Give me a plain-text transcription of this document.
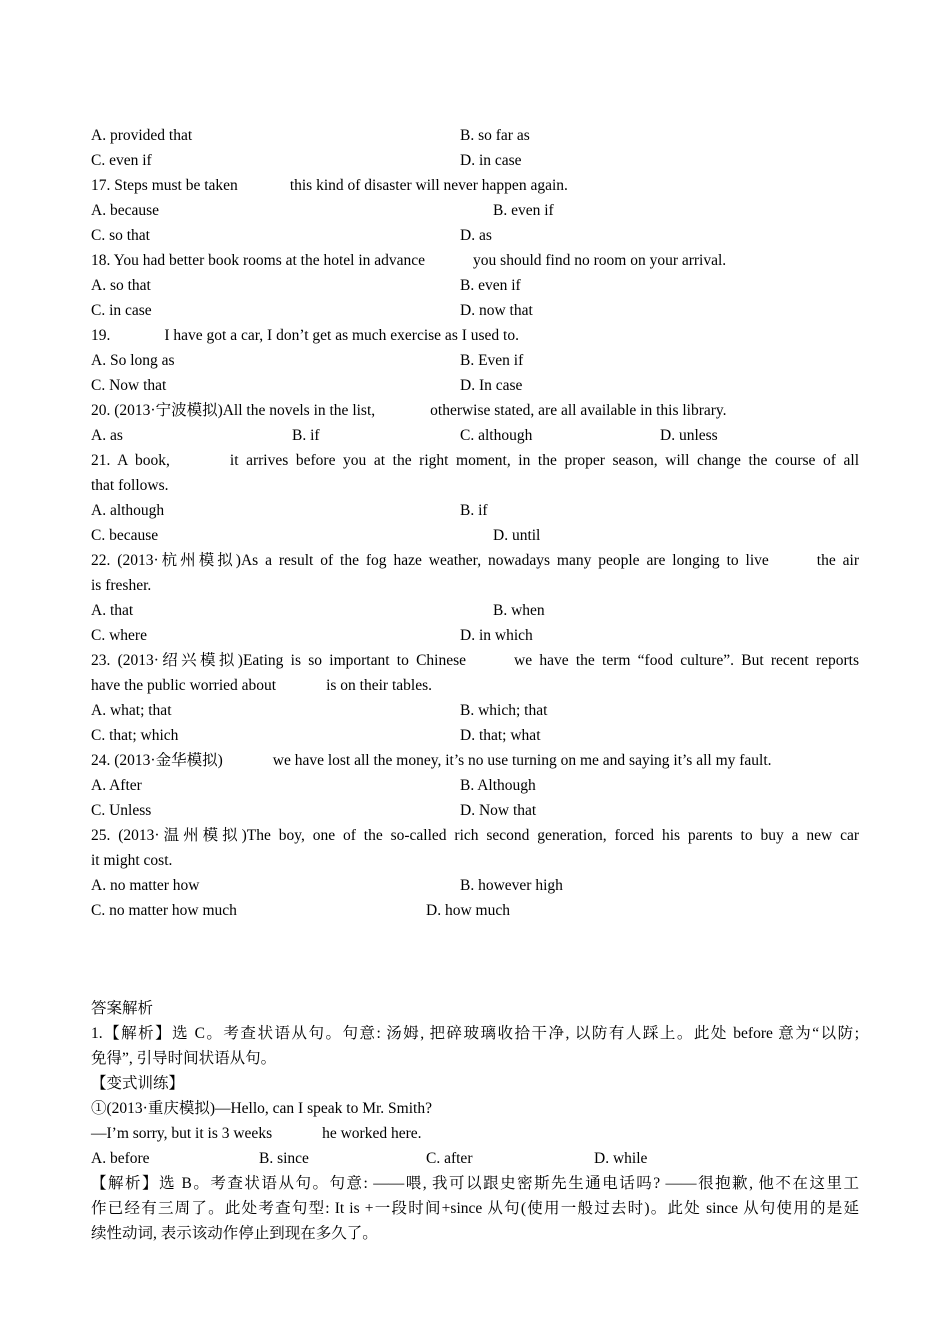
A. provided that	B. so far as
C. even if	D. in case
17. Steps must be taken	this kind of disaster will never happen again.
A. because	B. even if
C. so that	D. as
18. You had better book rooms at the hotel in advance	you should find no room on your arrival.
A. so that	B. even if
C. in case	D. now that
19.	I have got a car, I don’t get as much exercise as I used to.
A. So long as	B. Even if
C. Now that	D. In case
20. (2013·宁波模拟)All the novels in the list,	otherwise stated, are all available in this library.
A. as	B. if	C. although	D. unless
21. A book,	it arrives before you at the right moment, in the proper season, will change the course of all
that follows.
A. although	B. if
C. because	D. until
22. (2013·杭州模拟)As a result of the fog haze weather, nowadays many people are longing to live	the air
is fresher.
A. that	B. when
C. where	D. in which
23. (2013·绍兴模拟)Eating is so important to Chinese	we have the term “food culture”. But recent reports
have the public worried about	is on their tables.
A. what; that	B. which; that
C. that; which	D. that; what
24. (2013·金华模拟)	we have lost all the money, it’s no use turning on me and saying it’s all my fault.
A. After	B. Although
C. Unless	D. Now that
25. (2013·温州模拟)The boy, one of the so-called rich second generation, forced his parents to buy a new car
it might cost.
A. no matter how	B. however high
C. no matter how much	D. how much
答案解析
1.【解析】选 C。考查状语从句。句意: 汤姆, 把碎玻璃收拾干净, 以防有人踩上。此处 before 意为“以防;
免得”, 引导时间状语从句。
【变式训练】
①(2013·重庆模拟)—Hello, can I speak to Mr. Smith?
—I’m sorry, but it is 3 weeks	he worked here.
A. before	B. since	C. after	D. while
【解析】选 B。考查状语从句。句意: ——喂, 我可以跟史密斯先生通电话吗? ——很抱歉, 他不在这里工
作已经有三周了。此处考查句型: It is +一段时间+since 从句(使用一般过去时)。此处 since 从句使用的是延
续性动词, 表示该动作停止到现在多久了。
